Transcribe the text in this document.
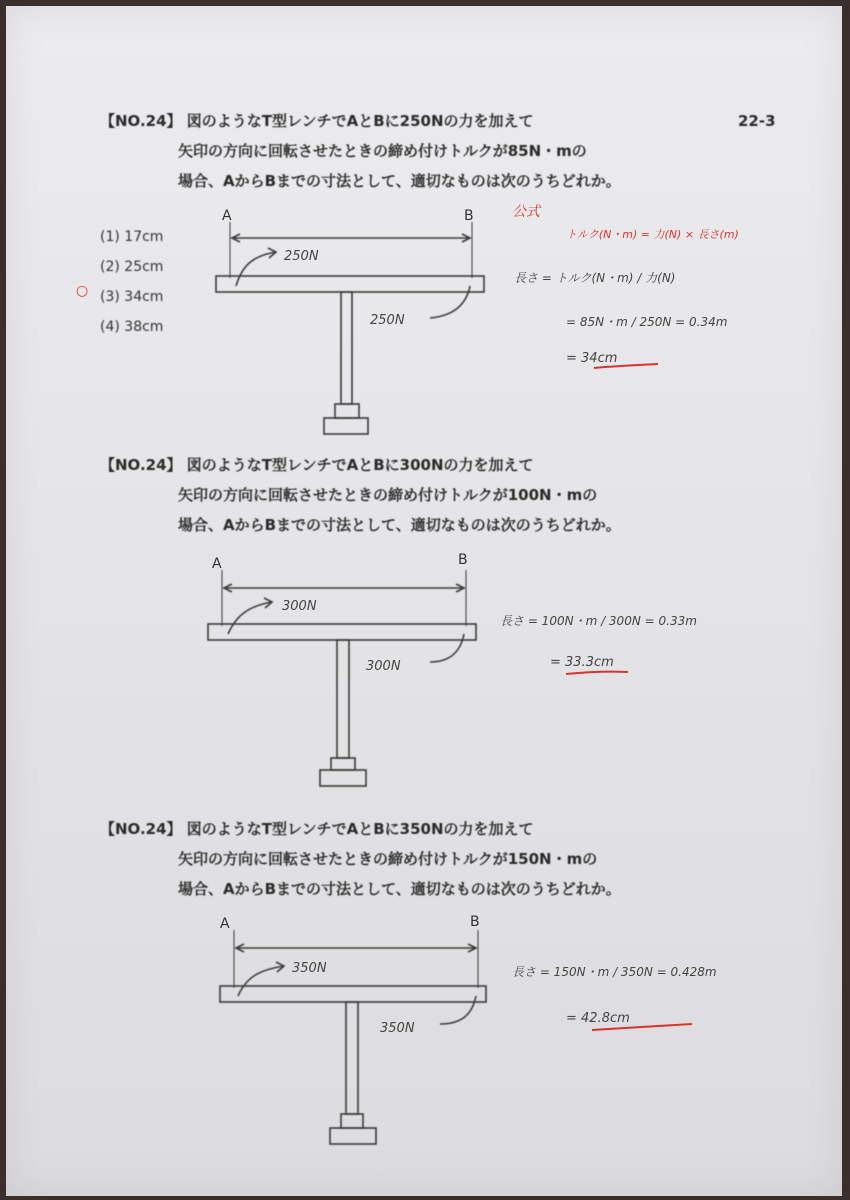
22-3
【NO.24】 図のようなT型レンチでAとBに250Nの力を加えて
矢印の方向に回転させたときの締め付けトルクが85N・mの
場合、AからBまでの寸法として、適切なものは次のうちどれか。
(1) 17cm
(2) 25cm
(3) 34cm
(4) 38cm
○
A	B
250N
250N
公式
トルク(N・m) = 力(N) × 長さ(m)
長さ = トルク(N・m) / 力(N)
= 85N・m / 250N = 0.34m
= 34cm
【NO.24】 図のようなT型レンチでAとBに300Nの力を加えて
矢印の方向に回転させたときの締め付けトルクが100N・mの
場合、AからBまでの寸法として、適切なものは次のうちどれか。
A	B
300N
300N
長さ = 100N・m / 300N = 0.33m
= 33.3cm
【NO.24】 図のようなT型レンチでAとBに350Nの力を加えて
矢印の方向に回転させたときの締め付けトルクが150N・mの
場合、AからBまでの寸法として、適切なものは次のうちどれか。
A	B
350N
350N
長さ = 150N・m / 350N = 0.428m
= 42.8cm
